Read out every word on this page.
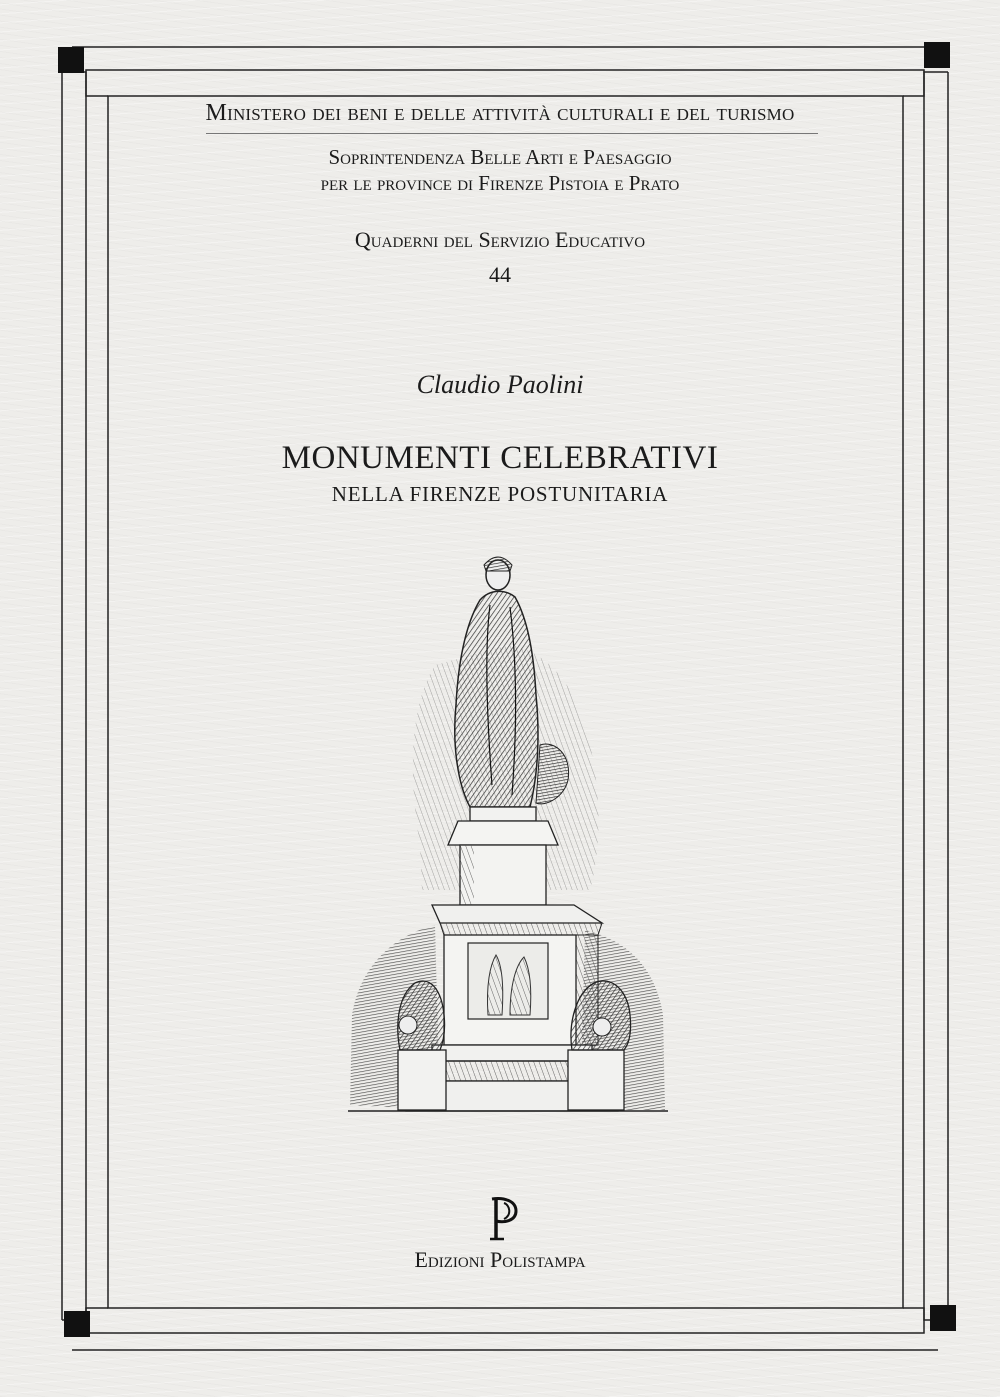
Ministero dei beni e delle attività culturali e del turismo
Soprintendenza Belle Arti e Paesaggio
per le province di Firenze Pistoia e Prato
Quaderni del Servizio Educativo
44
Claudio Paolini
MONUMENTI CELEBRATIVI
NELLA FIRENZE POSTUNITARIA
P
Edizioni Polistampa
